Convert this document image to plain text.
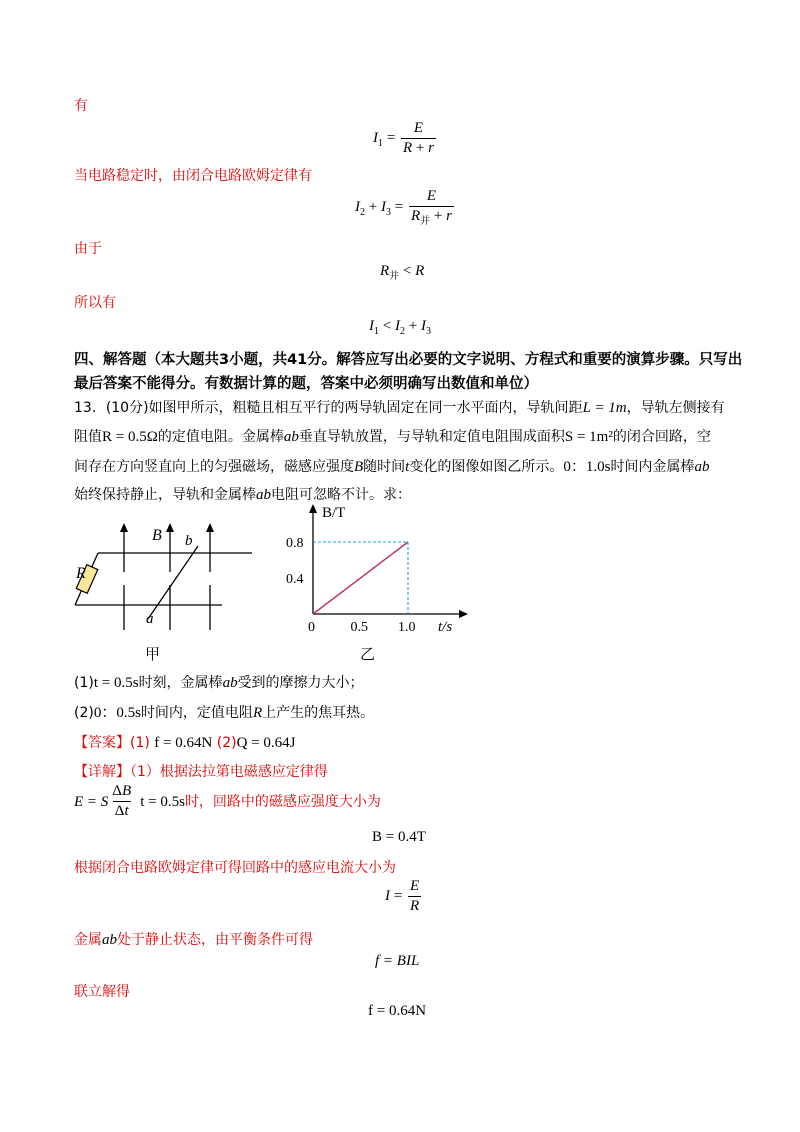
有
$I_1 = \frac{E}{R + r}$
当电路稳定时，由闭合电路欧姆定律有
$I_2 + I_3 = \frac{E}{R_并 + r}$
由于
$R_并 < R$
所以有
$I_1 < I_2 + I_3$
四、解答题（本大题共3小题，共41分。解答应写出必要的文字说明、方程式和重要的演算步骤。只写出
最后答案不能得分。有数据计算的题，答案中必须明确写出数值和单位）
13．(10分)如图甲所示，粗糙且相互平行的两导轨固定在同一水平面内，导轨间距L = 1m，导轨左侧接有
阻值R = 0.5Ω的定值电阻。金属棒ab垂直导轨放置，与导轨和定值电阻围成面积S = 1m²的闭合回路，空
间存在方向竖直向上的匀强磁场，磁感应强度B随时间t变化的图像如图乙所示。0：1.0s时间内金属棒ab
始终保持静止，导轨和金属棒ab电阻可忽略不计。求：
R
B b
a
甲
0.5 1.0
0.4
0.8
B/T
t/s
0
乙
(1)t = 0.5s时刻，金属棒ab受到的摩擦力大小；
(2)0：0.5s时间内，定值电阻R上产生的焦耳热。
【答案】(1) f = 0.64N (2)Q = 0.64J
【详解】（1）根据法拉第电磁感应定律得
E = S $\frac{\Delta B}{\Delta t}$ t = 0.5s时，回路中的磁感应强度大小为
B = 0.4T
根据闭合电路欧姆定律可得回路中的感应电流大小为
$I = \frac{E}{R}$
金属ab处于静止状态，由平衡条件可得
f = BIL
联立解得
f = 0.64N
